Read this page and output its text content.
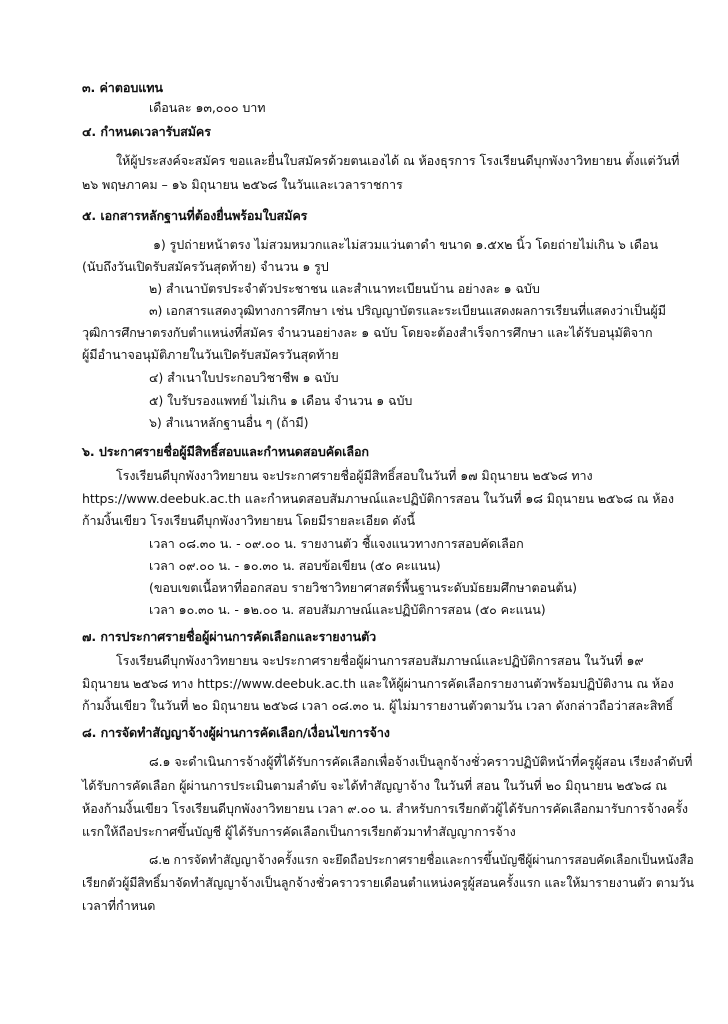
๓. ค่าตอบแทน
เดือนละ ๑๓,๐๐๐ บาท
๔. กำหนดเวลารับสมัคร
ให้ผู้ประสงค์จะสมัคร ขอและยื่นใบสมัครด้วยตนเองได้ ณ ห้องธุรการ โรงเรียนดีบุกพังงาวิทยายน ตั้งแต่วันที่
๒๖ พฤษภาคม – ๑๖ มิถุนายน ๒๕๖๘ ในวันและเวลาราชการ
๕. เอกสารหลักฐานที่ต้องยื่นพร้อมใบสมัคร
๑) รูปถ่ายหน้าตรง ไม่สวมหมวกและไม่สวมแว่นตาดำ ขนาด ๑.๕x๒ นิ้ว โดยถ่ายไม่เกิน ๖ เดือน
(นับถึงวันเปิดรับสมัครวันสุดท้าย) จำนวน ๑ รูป
๒) สำเนาบัตรประจำตัวประชาชน และสำเนาทะเบียนบ้าน อย่างละ ๑ ฉบับ
๓) เอกสารแสดงวุฒิทางการศึกษา เช่น ปริญญาบัตรและระเบียนแสดงผลการเรียนที่แสดงว่าเป็นผู้มี
วุฒิการศึกษาตรงกับตำแหน่งที่สมัคร จำนวนอย่างละ ๑ ฉบับ โดยจะต้องสำเร็จการศึกษา และได้รับอนุมัติจาก
ผู้มีอำนาจอนุมัติภายในวันเปิดรับสมัครวันสุดท้าย
๔) สำเนาใบประกอบวิชาชีพ ๑ ฉบับ
๕) ใบรับรองแพทย์ ไม่เกิน ๑ เดือน จำนวน ๑ ฉบับ
๖) สำเนาหลักฐานอื่น ๆ (ถ้ามี)
๖. ประกาศรายชื่อผู้มีสิทธิ์สอบและกำหนดสอบคัดเลือก
โรงเรียนดีบุกพังงาวิทยายน จะประกาศรายชื่อผู้มีสิทธิ์สอบในวันที่ ๑๗ มิถุนายน ๒๕๖๘ ทาง
https://www.deebuk.ac.th และกำหนดสอบสัมภาษณ์และปฏิบัติการสอน ในวันที่ ๑๘ มิถุนายน ๒๕๖๘ ณ ห้อง
ก้ามงิ้นเขียว โรงเรียนดีบุกพังงาวิทยายน โดยมีรายละเอียด ดังนี้
เวลา ๐๘.๓๐ น. - ๐๙.๐๐ น. รายงานตัว ชี้แจงแนวทางการสอบคัดเลือก
เวลา ๐๙.๐๐ น. - ๑๐.๓๐ น. สอบข้อเขียน (๕๐ คะแนน)
(ขอบเขตเนื้อหาที่ออกสอบ รายวิชาวิทยาศาสตร์พื้นฐานระดับมัธยมศึกษาตอนต้น)
เวลา ๑๐.๓๐ น. - ๑๒.๐๐ น. สอบสัมภาษณ์และปฏิบัติการสอน (๕๐ คะแนน)
๗. การประกาศรายชื่อผู้ผ่านการคัดเลือกและรายงานตัว
โรงเรียนดีบุกพังงาวิทยายน จะประกาศรายชื่อผู้ผ่านการสอบสัมภาษณ์และปฏิบัติการสอน ในวันที่ ๑๙
มิถุนายน ๒๕๖๘ ทาง https://www.deebuk.ac.th และให้ผู้ผ่านการคัดเลือกรายงานตัวพร้อมปฏิบัติงาน ณ ห้อง
ก้ามงิ้นเขียว ในวันที่ ๒๐ มิถุนายน ๒๕๖๘ เวลา ๐๘.๓๐ น. ผู้ไม่มารายงานตัวตามวัน เวลา ดังกล่าวถือว่าสละสิทธิ์
๘. การจัดทำสัญญาจ้างผู้ผ่านการคัดเลือก/เงื่อนไขการจ้าง
๘.๑ จะดำเนินการจ้างผู้ที่ได้รับการคัดเลือกเพื่อจ้างเป็นลูกจ้างชั่วคราวปฏิบัติหน้าที่ครูผู้สอน เรียงลำดับที่
ได้รับการคัดเลือก ผู้ผ่านการประเมินตามลำดับ จะได้ทำสัญญาจ้าง ในวันที่ สอน ในวันที่ ๒๐ มิถุนายน ๒๕๖๘ ณ
ห้องก้ามงิ้นเขียว โรงเรียนดีบุกพังงาวิทยายน เวลา ๙.๐๐ น. สำหรับการเรียกตัวผู้ได้รับการคัดเลือกมารับการจ้างครั้ง
แรกให้ถือประกาศขึ้นบัญชี ผู้ได้รับการคัดเลือกเป็นการเรียกตัวมาทำสัญญาการจ้าง
๘.๒ การจัดทำสัญญาจ้างครั้งแรก จะยึดถือประกาศรายชื่อและการขึ้นบัญชีผู้ผ่านการสอบคัดเลือกเป็นหนังสือ
เรียกตัวผู้มีสิทธิ์มาจัดทำสัญญาจ้างเป็นลูกจ้างชั่วคราวรายเดือนตำแหน่งครูผู้สอนครั้งแรก และให้มารายงานตัว ตามวัน
เวลาที่กำหนด
